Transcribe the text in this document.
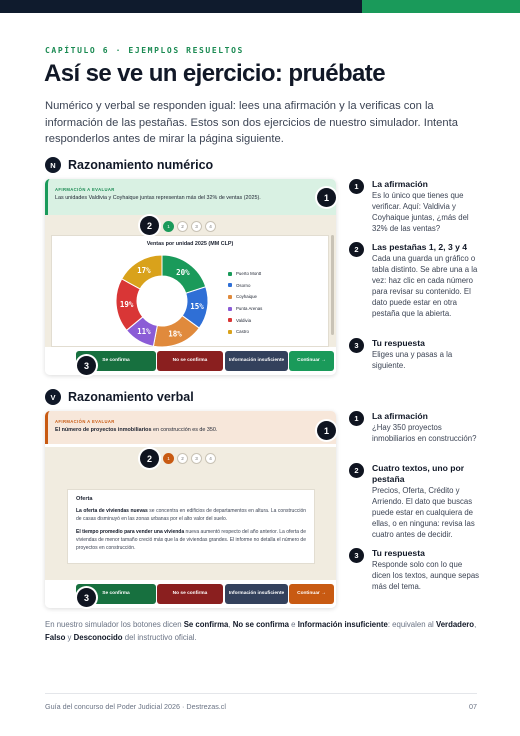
CAPÍTULO 6 · EJEMPLOS RESUELTOS
Así se ve un ejercicio: pruébate
Numérico y verbal se responden igual: lees una afirmación y la verificas con la información de las pestañas. Estos son dos ejercicios de nuestro simulador. Intenta responderlos antes de mirar la página siguiente.
N Razonamiento numérico
AFIRMACIÓN A EVALUAR
Las unidades Valdivia y Coyhaique juntas representan más del 32% de ventas (2025).
1	2	3	4
Ventas por unidad 2025 (MM CLP)
20%
15%
18%
11%
19%
17%	Puerto Montt
Osorno
Coyhaique
Punta Arenas
Valdivia
Castro
Se confirma	No se confirma	Información insuficiente	Continuar →
1
2
3
1	La afirmación
Es lo único que tienes que verificar. Aquí: Valdivia y Coyhaique juntas, ¿más del 32% de las ventas?
2	Las pestañas 1, 2, 3 y 4
Cada una guarda un gráfico o tabla distinto. Se abre una a la vez: haz clic en cada número para revisar su contenido. El dato puede estar en otra pestaña que la abierta.
3	Tu respuesta
Eliges una y pasas a la siguiente.
V	Razonamiento verbal
AFIRMACIÓN A EVALUAR
El número de proyectos inmobiliarios en construcción es de 350.
1	2	3	4
Oferta
La oferta de viviendas nuevas se concentra en edificios de departamentos en altura. La construcción de casas disminuyó en las zonas urbanas por el alto valor del suelo.
El tiempo promedio para vender una vivienda nueva aumentó respecto del año anterior. La oferta de viviendas de menor tamaño creció más que la de viviendas grandes. El informe no detalla el número de proyectos en construcción.
Se confirma	No se confirma	Información insuficiente	Continuar →
1
2
3
1	La afirmación
¿Hay 350 proyectos inmobiliarios en construcción?
2	Cuatro textos, uno por pestaña
Precios, Oferta, Crédito y Arriendo. El dato que buscas puede estar en cualquiera de ellas, o en ninguna: revisa las cuatro antes de decidir.
3	Tu respuesta
Responde solo con lo que dicen los textos, aunque sepas más del tema.
En nuestro simulador los botones dicen Se confirma, No se confirma e Información insuficiente: equivalen al Verdadero, Falso y Desconocido del instructivo oficial.
Guía del concurso del Poder Judicial 2026 · Destrezas.cl	07
